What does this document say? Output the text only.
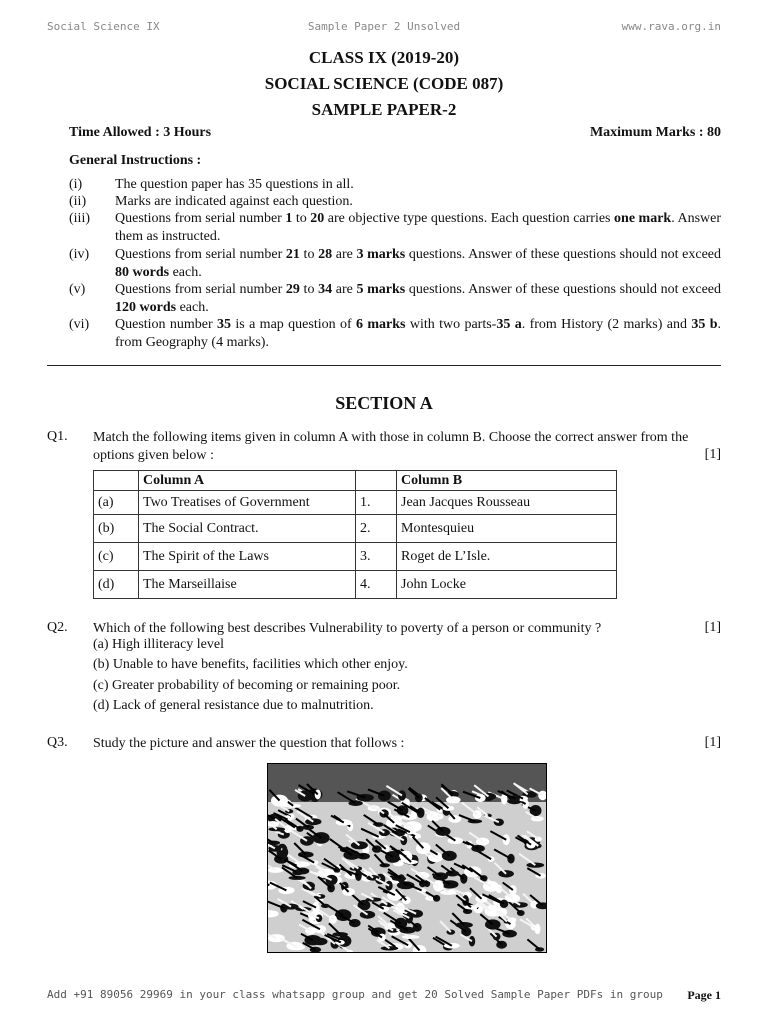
Social Science IX	Sample Paper 2 Unsolved	www.rava.org.in
CLASS IX (2019-20)
SOCIAL SCIENCE (CODE 087)
SAMPLE PAPER-2
Time Allowed : 3 Hours	Maximum Marks : 80
General Instructions :
(i) The question paper has 35 questions in all.
(ii) Marks are indicated against each question.
(iii) Questions from serial number 1 to 20 are objective type questions. Each question carries one mark. Answer them as instructed.
(iv) Questions from serial number 21 to 28 are 3 marks questions. Answer of these questions should not exceed 80 words each.
(v) Questions from serial number 29 to 34 are 5 marks questions. Answer of these questions should not exceed 120 words each.
(vi) Question number 35 is a map question of 6 marks with two parts-35 a. from History (2 marks) and 35 b. from Geography (4 marks).
SECTION A
Q1. Match the following items given in column A with those in column B. Choose the correct answer from the options given below :	[1]
	Column A		Column B
(a)	Two Treatises of Government	1.	Jean Jacques Rousseau
(b)	The Social Contract.	2.	Montesquieu
(c)	The Spirit of the Laws	3.	Roget de L’Isle.
(d)	The Marseillaise	4.	John Locke
Q2. Which of the following best describes Vulnerability to poverty of a person or community ?	[1]
(a) High illiteracy level
(b) Unable to have benefits, facilities which other enjoy.
(c) Greater probability of becoming or remaining poor.
(d) Lack of general resistance due to malnutrition.
Q3. Study the picture and answer the question that follows :	[1]
Add +91 89056 29969 in your class whatsapp group and get 20 Solved Sample Paper PDFs in group Page 1
